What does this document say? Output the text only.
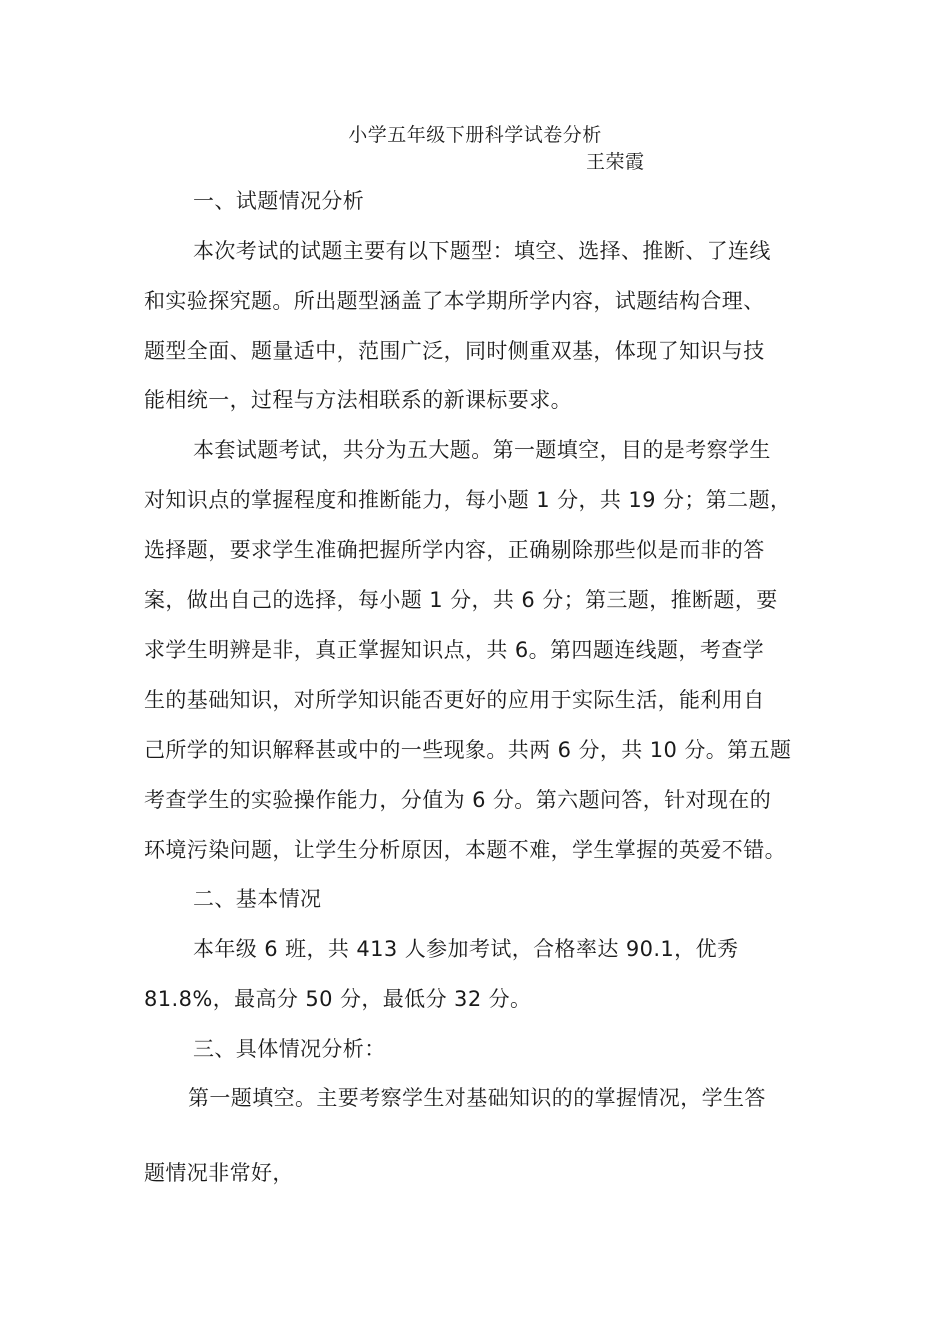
小学五年级下册科学试卷分析
王荣霞
一、试题情况分析
本次考试的试题主要有以下题型：填空、选择、推断、了连线
和实验探究题。所出题型涵盖了本学期所学内容，试题结构合理、
题型全面、题量适中，范围广泛，同时侧重双基，体现了知识与技
能相统一，过程与方法相联系的新课标要求。
本套试题考试，共分为五大题。第一题填空，目的是考察学生
对知识点的掌握程度和推断能力，每小题 1 分，共 19 分；第二题，
选择题，要求学生准确把握所学内容，正确剔除那些似是而非的答
案，做出自己的选择，每小题 1 分，共 6 分；第三题，推断题，要
求学生明辨是非，真正掌握知识点，共 6。第四题连线题，考查学
生的基础知识，对所学知识能否更好的应用于实际生活，能利用自
己所学的知识解释甚或中的一些现象。共两 6 分，共 10 分。第五题
考查学生的实验操作能力，分值为 6 分。第六题问答，针对现在的
环境污染问题，让学生分析原因，本题不难，学生掌握的英爱不错。
二、基本情况
本年级 6 班，共 413 人参加考试，合格率达 90.1，优秀
81.8%，最高分 50 分，最低分 32 分。
三、具体情况分析：
第一题填空。主要考察学生对基础知识的的掌握情况，学生答
题情况非常好，
